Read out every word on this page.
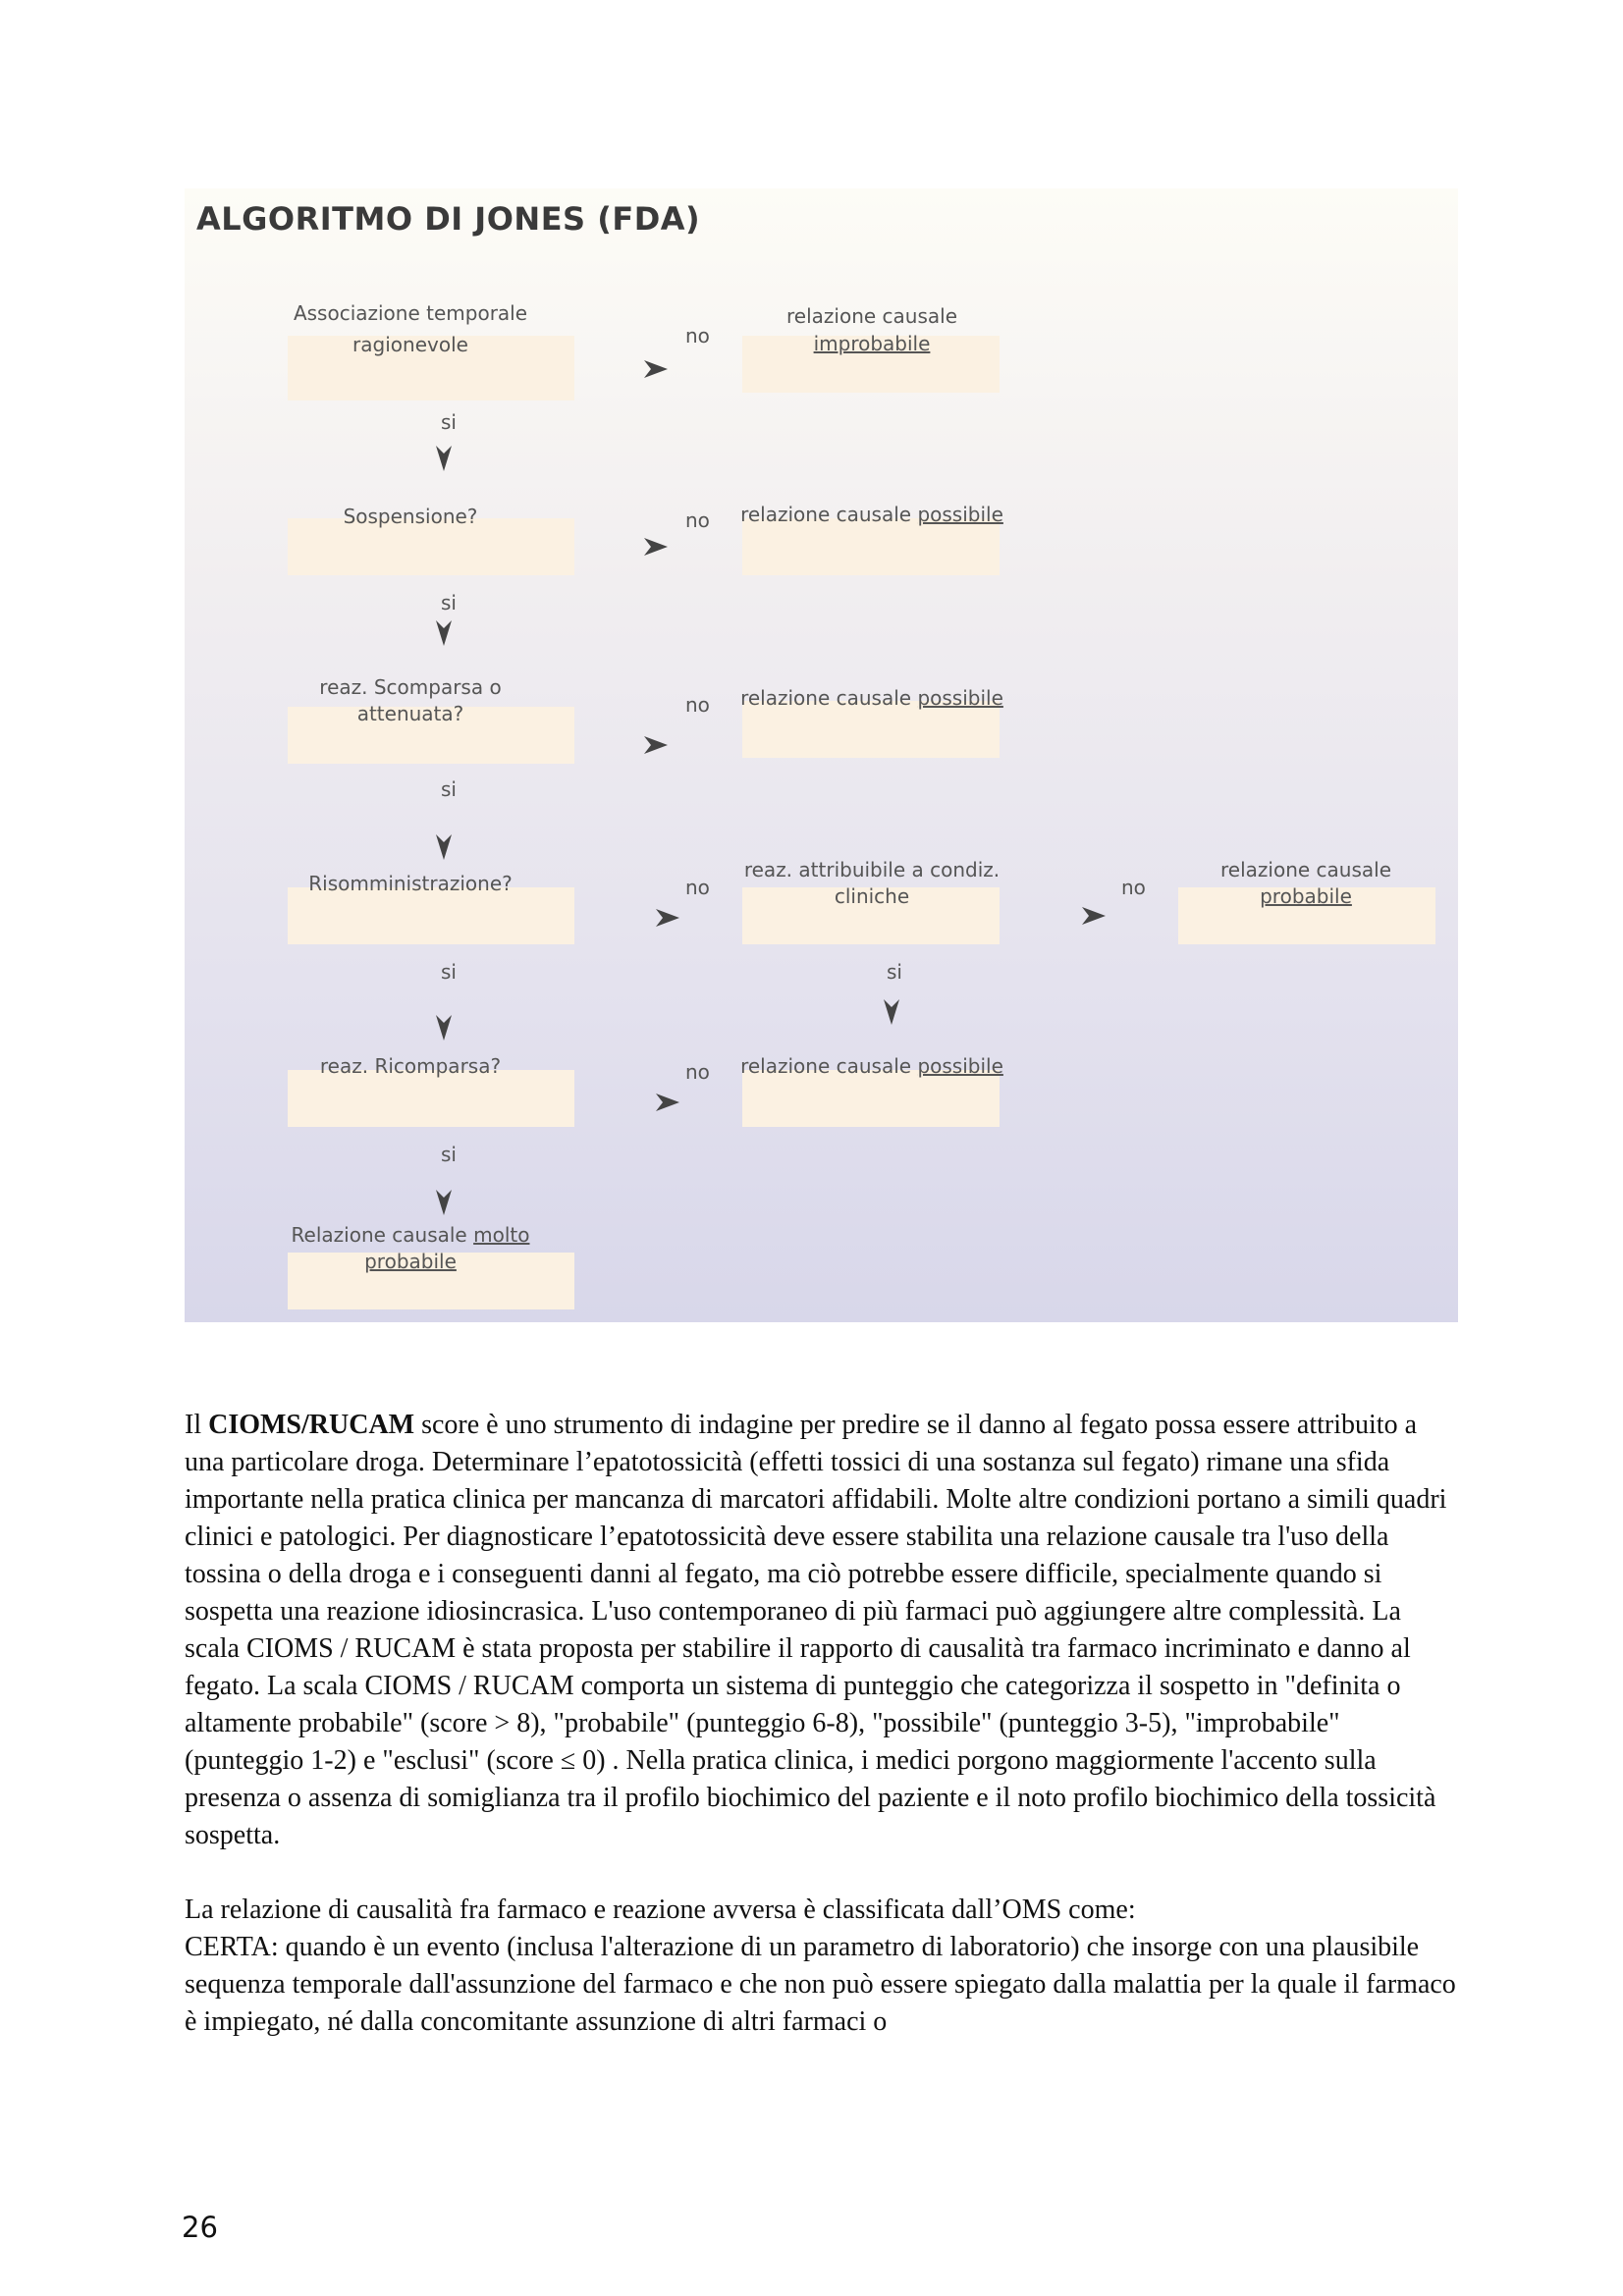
ALGORITMO DI JONES (FDA)
Associazione temporale
ragionevole	no
relazione causale
improbabile
si
Sospensione?	no	relazione causale possibile
si
reaz. Scomparsa o
attenuata?	no	relazione causale possibile
si
Risomministrazione?	no
reaz. attribuibile a condiz.
cliniche	no
relazione causale
probabile
si	si
reaz. Ricomparsa?	no	relazione causale possibile
si
Relazione causale molto
probabile
Il CIOMS/RUCAM score è uno strumento di indagine per predire se il danno al fegato possa essere attribuito a una particolare droga. Determinare l’epatotossicità (effetti tossici di una sostanza sul fegato) rimane una sfida importante nella pratica clinica per mancanza di marcatori affidabili. Molte altre condizioni portano a simili quadri clinici e patologici. Per diagnosticare l’epatotossicità deve essere stabilita una relazione causale tra l'uso della tossina o della droga e i conseguenti danni al fegato, ma ciò potrebbe essere difficile, specialmente quando si sospetta una reazione idiosincrasica. L'uso contemporaneo di più farmaci può aggiungere altre complessità. La scala CIOMS / RUCAM è stata proposta per stabilire il rapporto di causalità tra farmaco incriminato e danno al fegato. La scala CIOMS / RUCAM comporta un sistema di punteggio che categorizza il sospetto in "definita o altamente probabile" (score > 8), "probabile" (punteggio 6-8), "possibile" (punteggio 3-5), "improbabile" (punteggio 1-2) e "esclusi" (score ≤ 0) . Nella pratica clinica, i medici porgono maggiormente l'accento sulla presenza o assenza di somiglianza tra il profilo biochimico del paziente e il noto profilo biochimico della tossicità sospetta.
La relazione di causalità fra farmaco e reazione avversa è classificata dall’OMS come:
CERTA: quando è un evento (inclusa l'alterazione di un parametro di laboratorio) che insorge con una plausibile sequenza temporale dall'assunzione del farmaco e che non può essere spiegato dalla malattia per la quale il farmaco è impiegato, né dalla concomitante assunzione di altri farmaci o
26
